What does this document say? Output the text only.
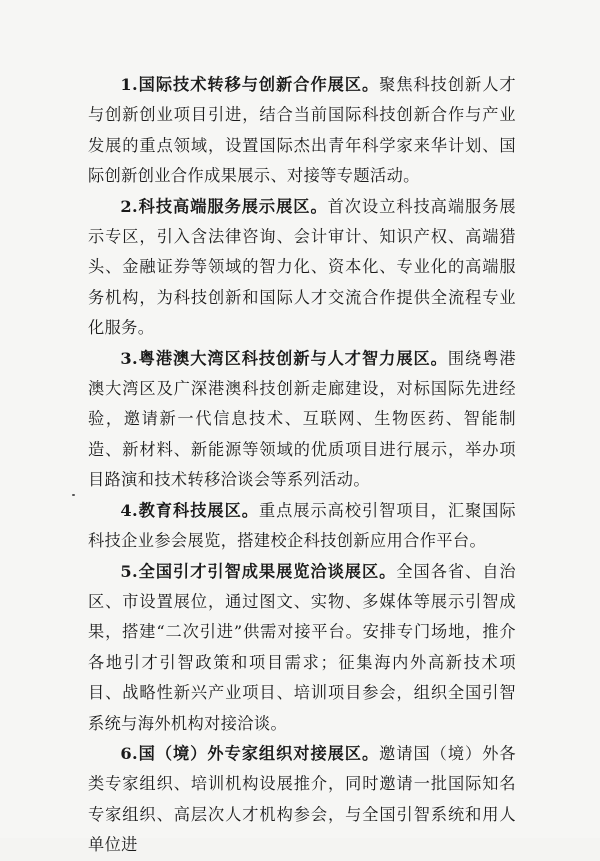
1.国际技术转移与创新合作展区。聚焦科技创新人才与创新创业项目引进，结合当前国际科技创新合作与产业发展的重点领域，设置国际杰出青年科学家来华计划、国际创新创业合作成果展示、对接等专题活动。

2.科技高端服务展示展区。首次设立科技高端服务展示专区，引入含法律咨询、会计审计、知识产权、高端猎头、金融证券等领域的智力化、资本化、专业化的高端服务机构，为科技创新和国际人才交流合作提供全流程专业化服务。

3.粤港澳大湾区科技创新与人才智力展区。围绕粤港澳大湾区及广深港澳科技创新走廊建设，对标国际先进经验，邀请新一代信息技术、互联网、生物医药、智能制造、新材料、新能源等领域的优质项目进行展示，举办项目路演和技术转移洽谈会等系列活动。

4.教育科技展区。重点展示高校引智项目，汇聚国际科技企业参会展览，搭建校企科技创新应用合作平台。

5.全国引才引智成果展览洽谈展区。全国各省、自治区、市设置展位，通过图文、实物、多媒体等展示引智成果，搭建“二次引进”供需对接平台。安排专门场地，推介各地引才引智政策和项目需求；征集海内外高新技术项目、战略性新兴产业项目、培训项目参会，组织全国引智系统与海外机构对接洽谈。

6.国（境）外专家组织对接展区。邀请国（境）外各类专家组织、培训机构设展推介，同时邀请一批国际知名专家组织、高层次人才机构参会，与全国引智系统和用人单位进
